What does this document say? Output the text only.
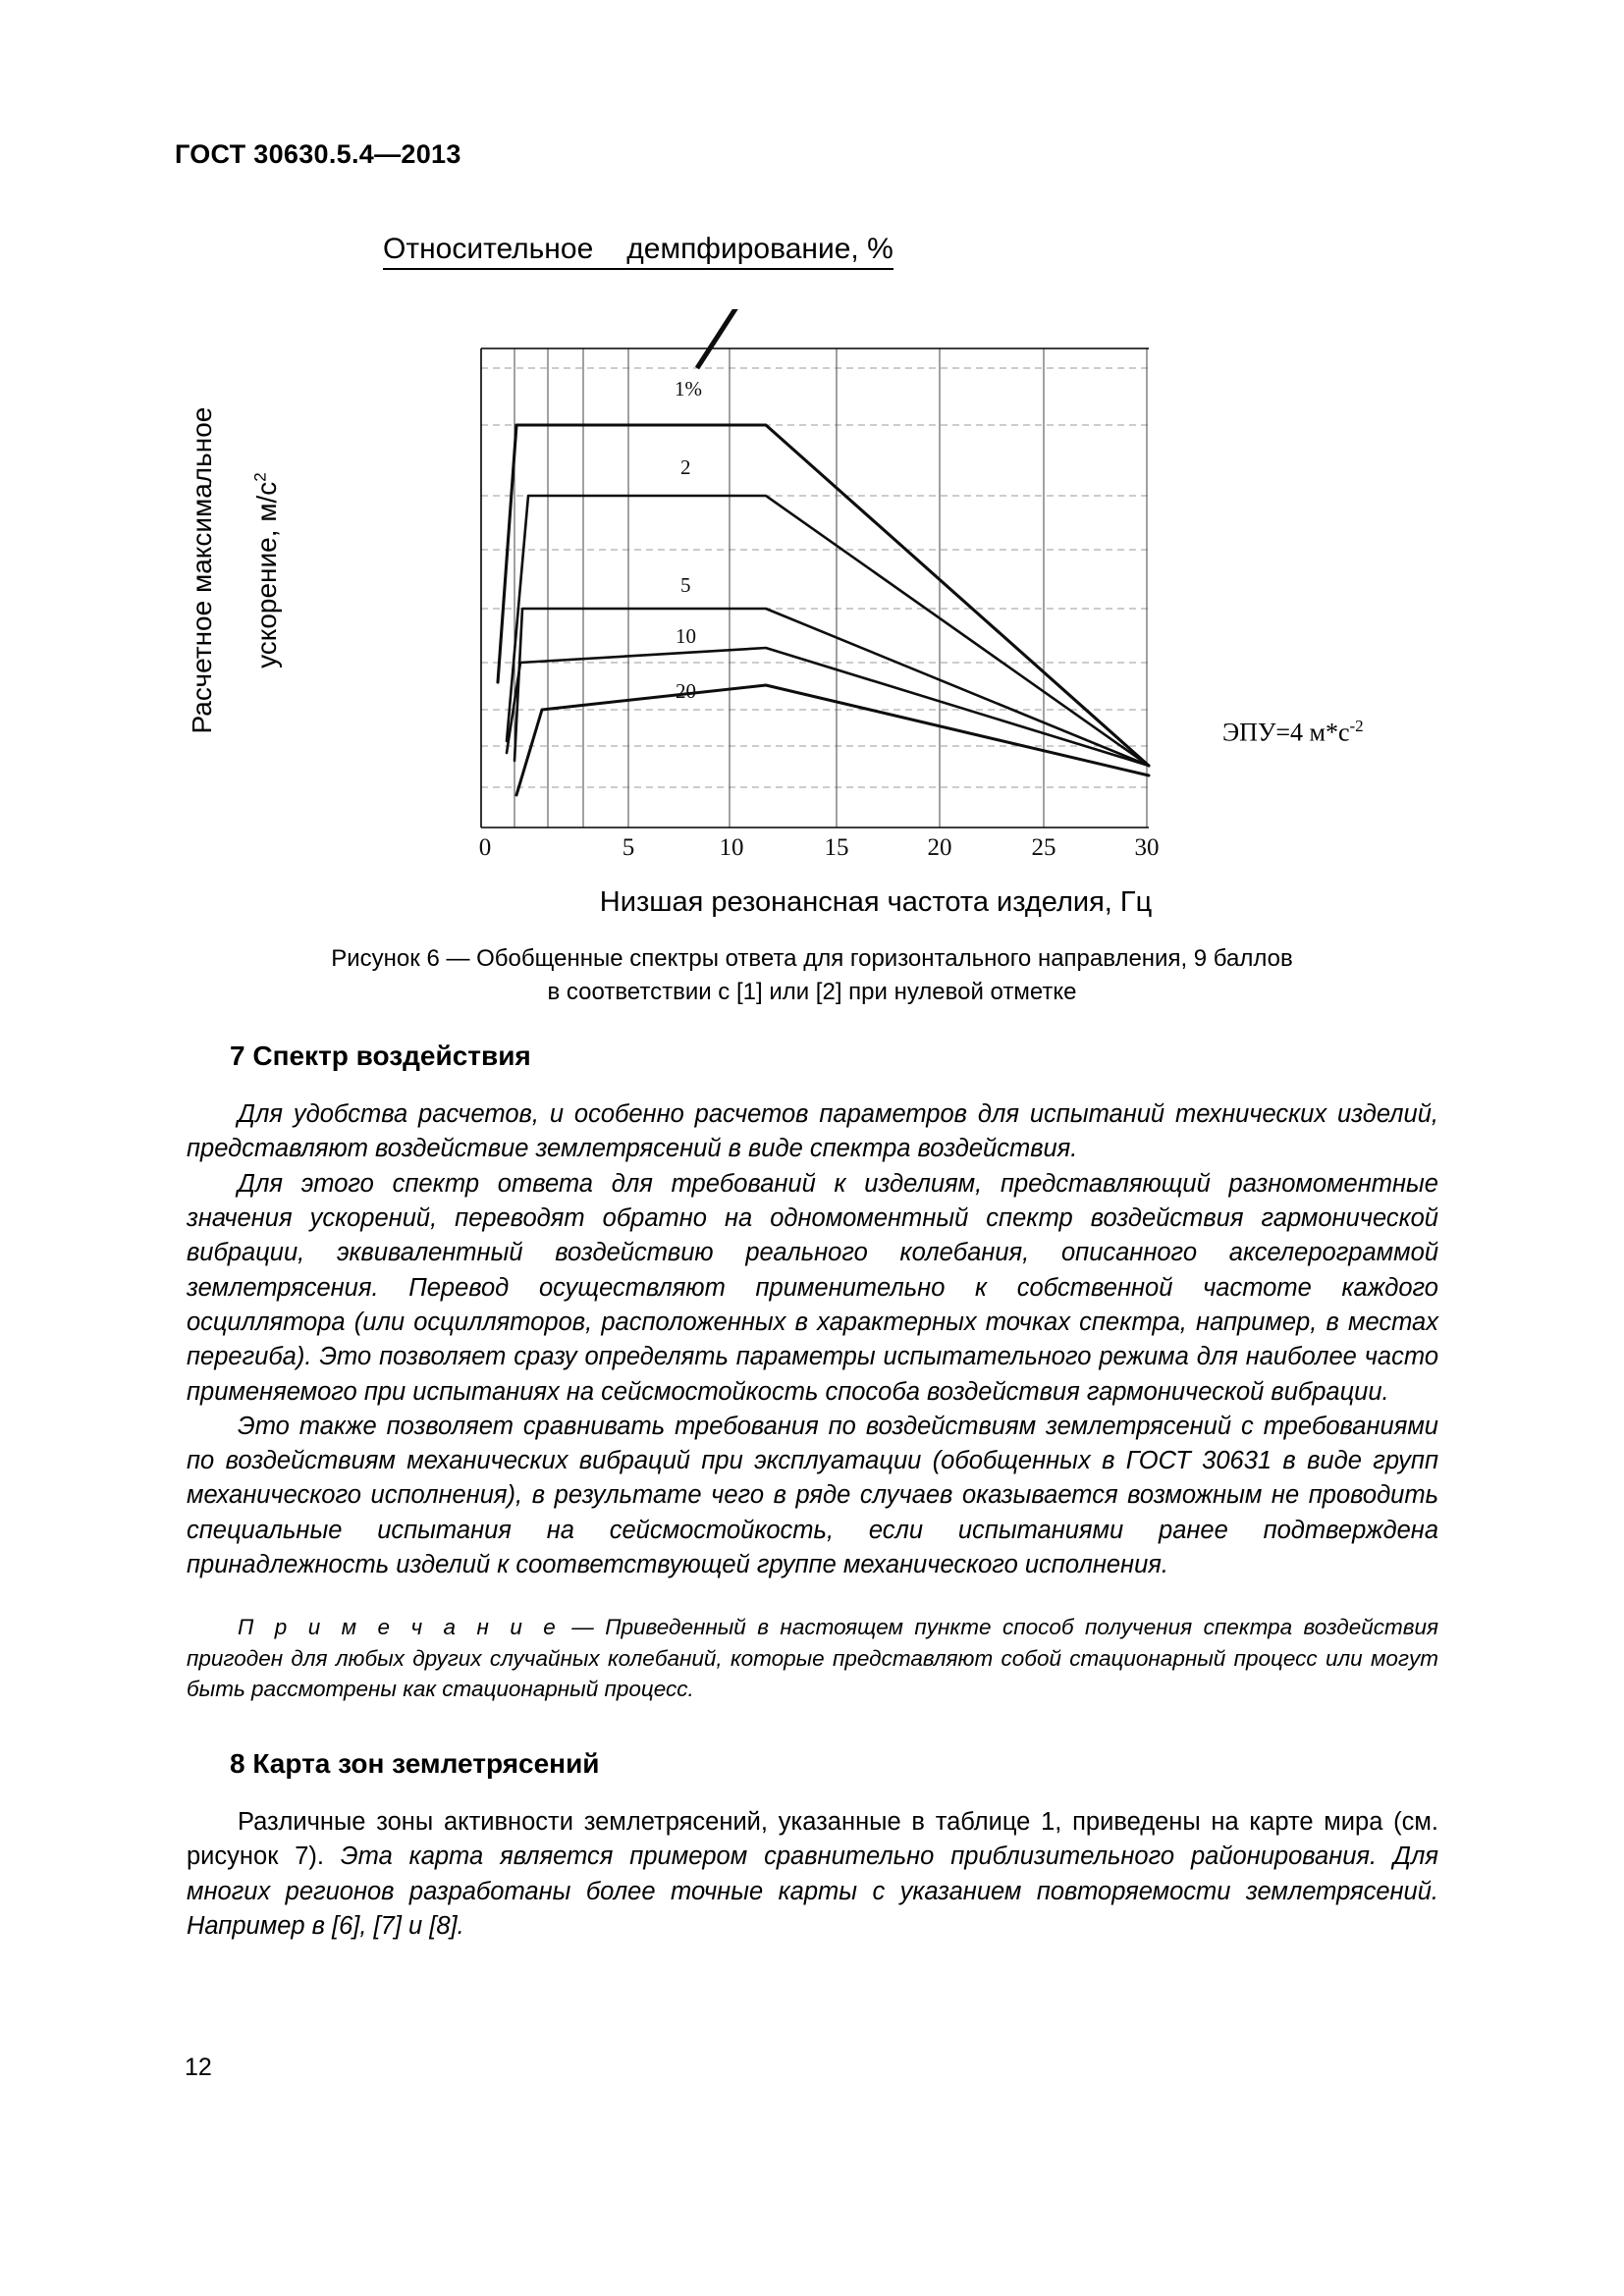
ГОСТ 30630.5.4—2013
Относительное демпфирование, %

Расчетное максимальное ускорение, $м/с^2$

1%
2
5
10
20
0	5	10	15	20	25	30
ЭПУ=4 $м*с^{-2}$
Низшая резонансная частота изделия, Гц
Рисунок 6 — Обобщенные спектры ответа для горизонтального направления, 9 баллов
в соответствии с [1] или [2] при нулевой отметке
7 Спектр воздействия

Для удобства расчетов, и особенно расчетов параметров для испытаний технических изделий, представляют воздействие землетрясений в виде спектра воздействия.

Для этого спектр ответа для требований к изделиям, представляющий разномоментные значения ускорений, переводят обратно на одномоментный спектр воздействия гармонической вибрации, эквивалентный воздействию реального колебания, описанного акселерограммой землетрясения. Перевод осуществляют применительно к собственной частоте каждого осциллятора (или осцилляторов, расположенных в характерных точках спектра, например, в местах перегиба). Это позволяет сразу определять параметры испытательного режима для наиболее часто применяемого при испытаниях на сейсмостойкость способа воздействия гармонической вибрации.

Это также позволяет сравнивать требования по воздействиям землетрясений с требованиями по воздействиям механических вибраций при эксплуатации (обобщенных в ГОСТ 30631 в виде групп механического исполнения), в результате чего в ряде случаев оказывается возможным не проводить специальные испытания на сейсмостойкость, если испытаниями ранее подтверждена принадлежность изделий к соответствующей группе механического исполнения.

П р и м е ч а н и е — Приведенный в настоящем пункте способ получения спектра воздействия пригоден для любых других случайных колебаний, которые представляют собой стационарный процесс или могут быть рассмотрены как стационарный процесс.

8 Карта зон землетрясений

Различные зоны активности землетрясений, указанные в таблице 1, приведены на карте мира (см. рисунок 7). Эта карта является примером сравнительно приблизительного районирования. Для многих регионов разработаны более точные карты с указанием повторяемости землетрясений. Например в [6], [7] и [8].

12
